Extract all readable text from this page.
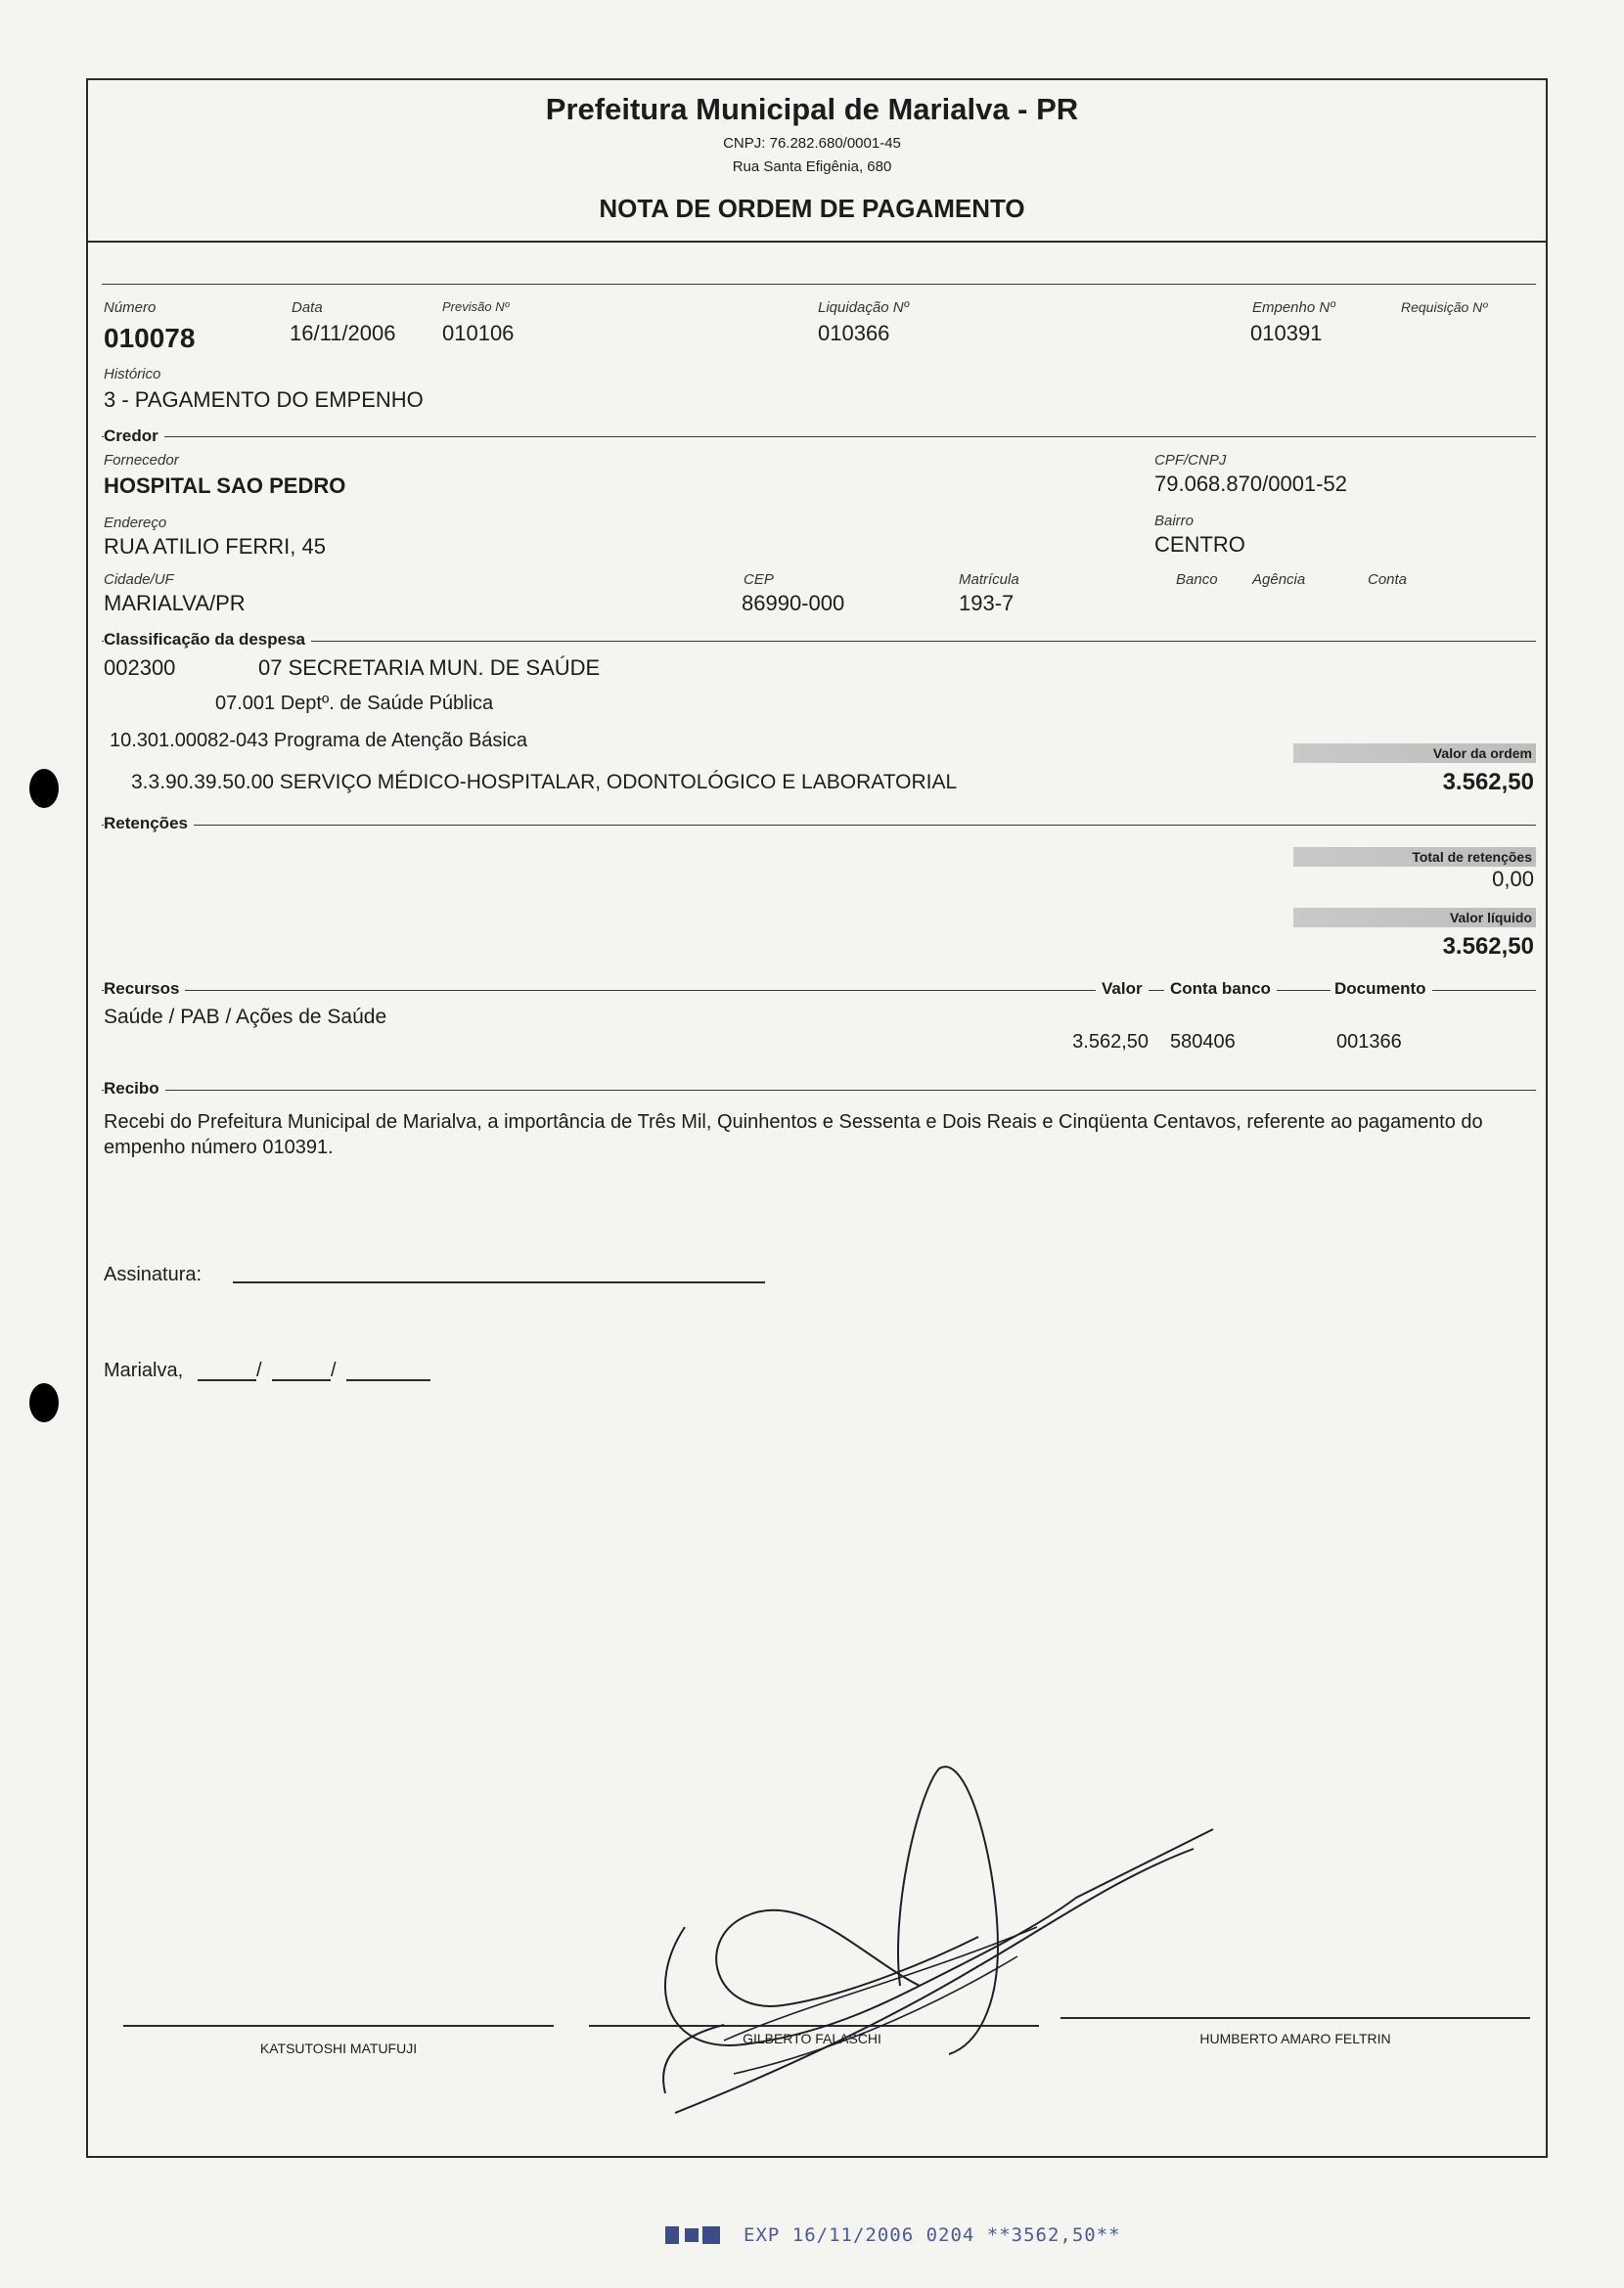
Prefeitura Municipal de Marialva - PR
CNPJ: 76.282.680/0001-45
Rua Santa Efigênia, 680
NOTA DE ORDEM DE PAGAMENTO
Número
010078
Data
16/11/2006
Previsão Nº
010106
Liquidação Nº
010366
Empenho Nº
010391
Requisição Nº
Histórico
3 - PAGAMENTO DO EMPENHO
Credor
Fornecedor
HOSPITAL SAO PEDRO
CPF/CNPJ
79.068.870/0001-52
Endereço
RUA ATILIO FERRI, 45
Bairro
CENTRO
Cidade/UF
MARIALVA/PR
CEP
86990-000
Matrícula
193-7
Banco Agência	Conta
Classificação da despesa
002300	07 SECRETARIA MUN. DE SAÚDE
07.001 Deptº. de Saúde Pública
10.301.00082-043 Programa de Atenção Básica
3.3.90.39.50.00 SERVIÇO MÉDICO-HOSPITALAR, ODONTOLÓGICO E LABORATORIAL
Valor da ordem
3.562,50
Retenções
Total de retenções
0,00
Valor líquido
3.562,50
Recursos	Valor	Conta banco	Documento
Saúde / PAB / Ações de Saúde
3.562,50 580406	001366
Recibo
Recebi do Prefeitura Municipal de Marialva, a importância de Três Mil, Quinhentos e Sessenta e Dois Reais e Cinqüenta Centavos, referente ao pagamento do empenho número 010391.
Assinatura:
Marialva,	/	/
KATSUTOSHI MATUFUJI
GILBERTO FALASCHI	HUMBERTO AMARO FELTRIN
EXP 16/11/2006 0204 **3562,50**
